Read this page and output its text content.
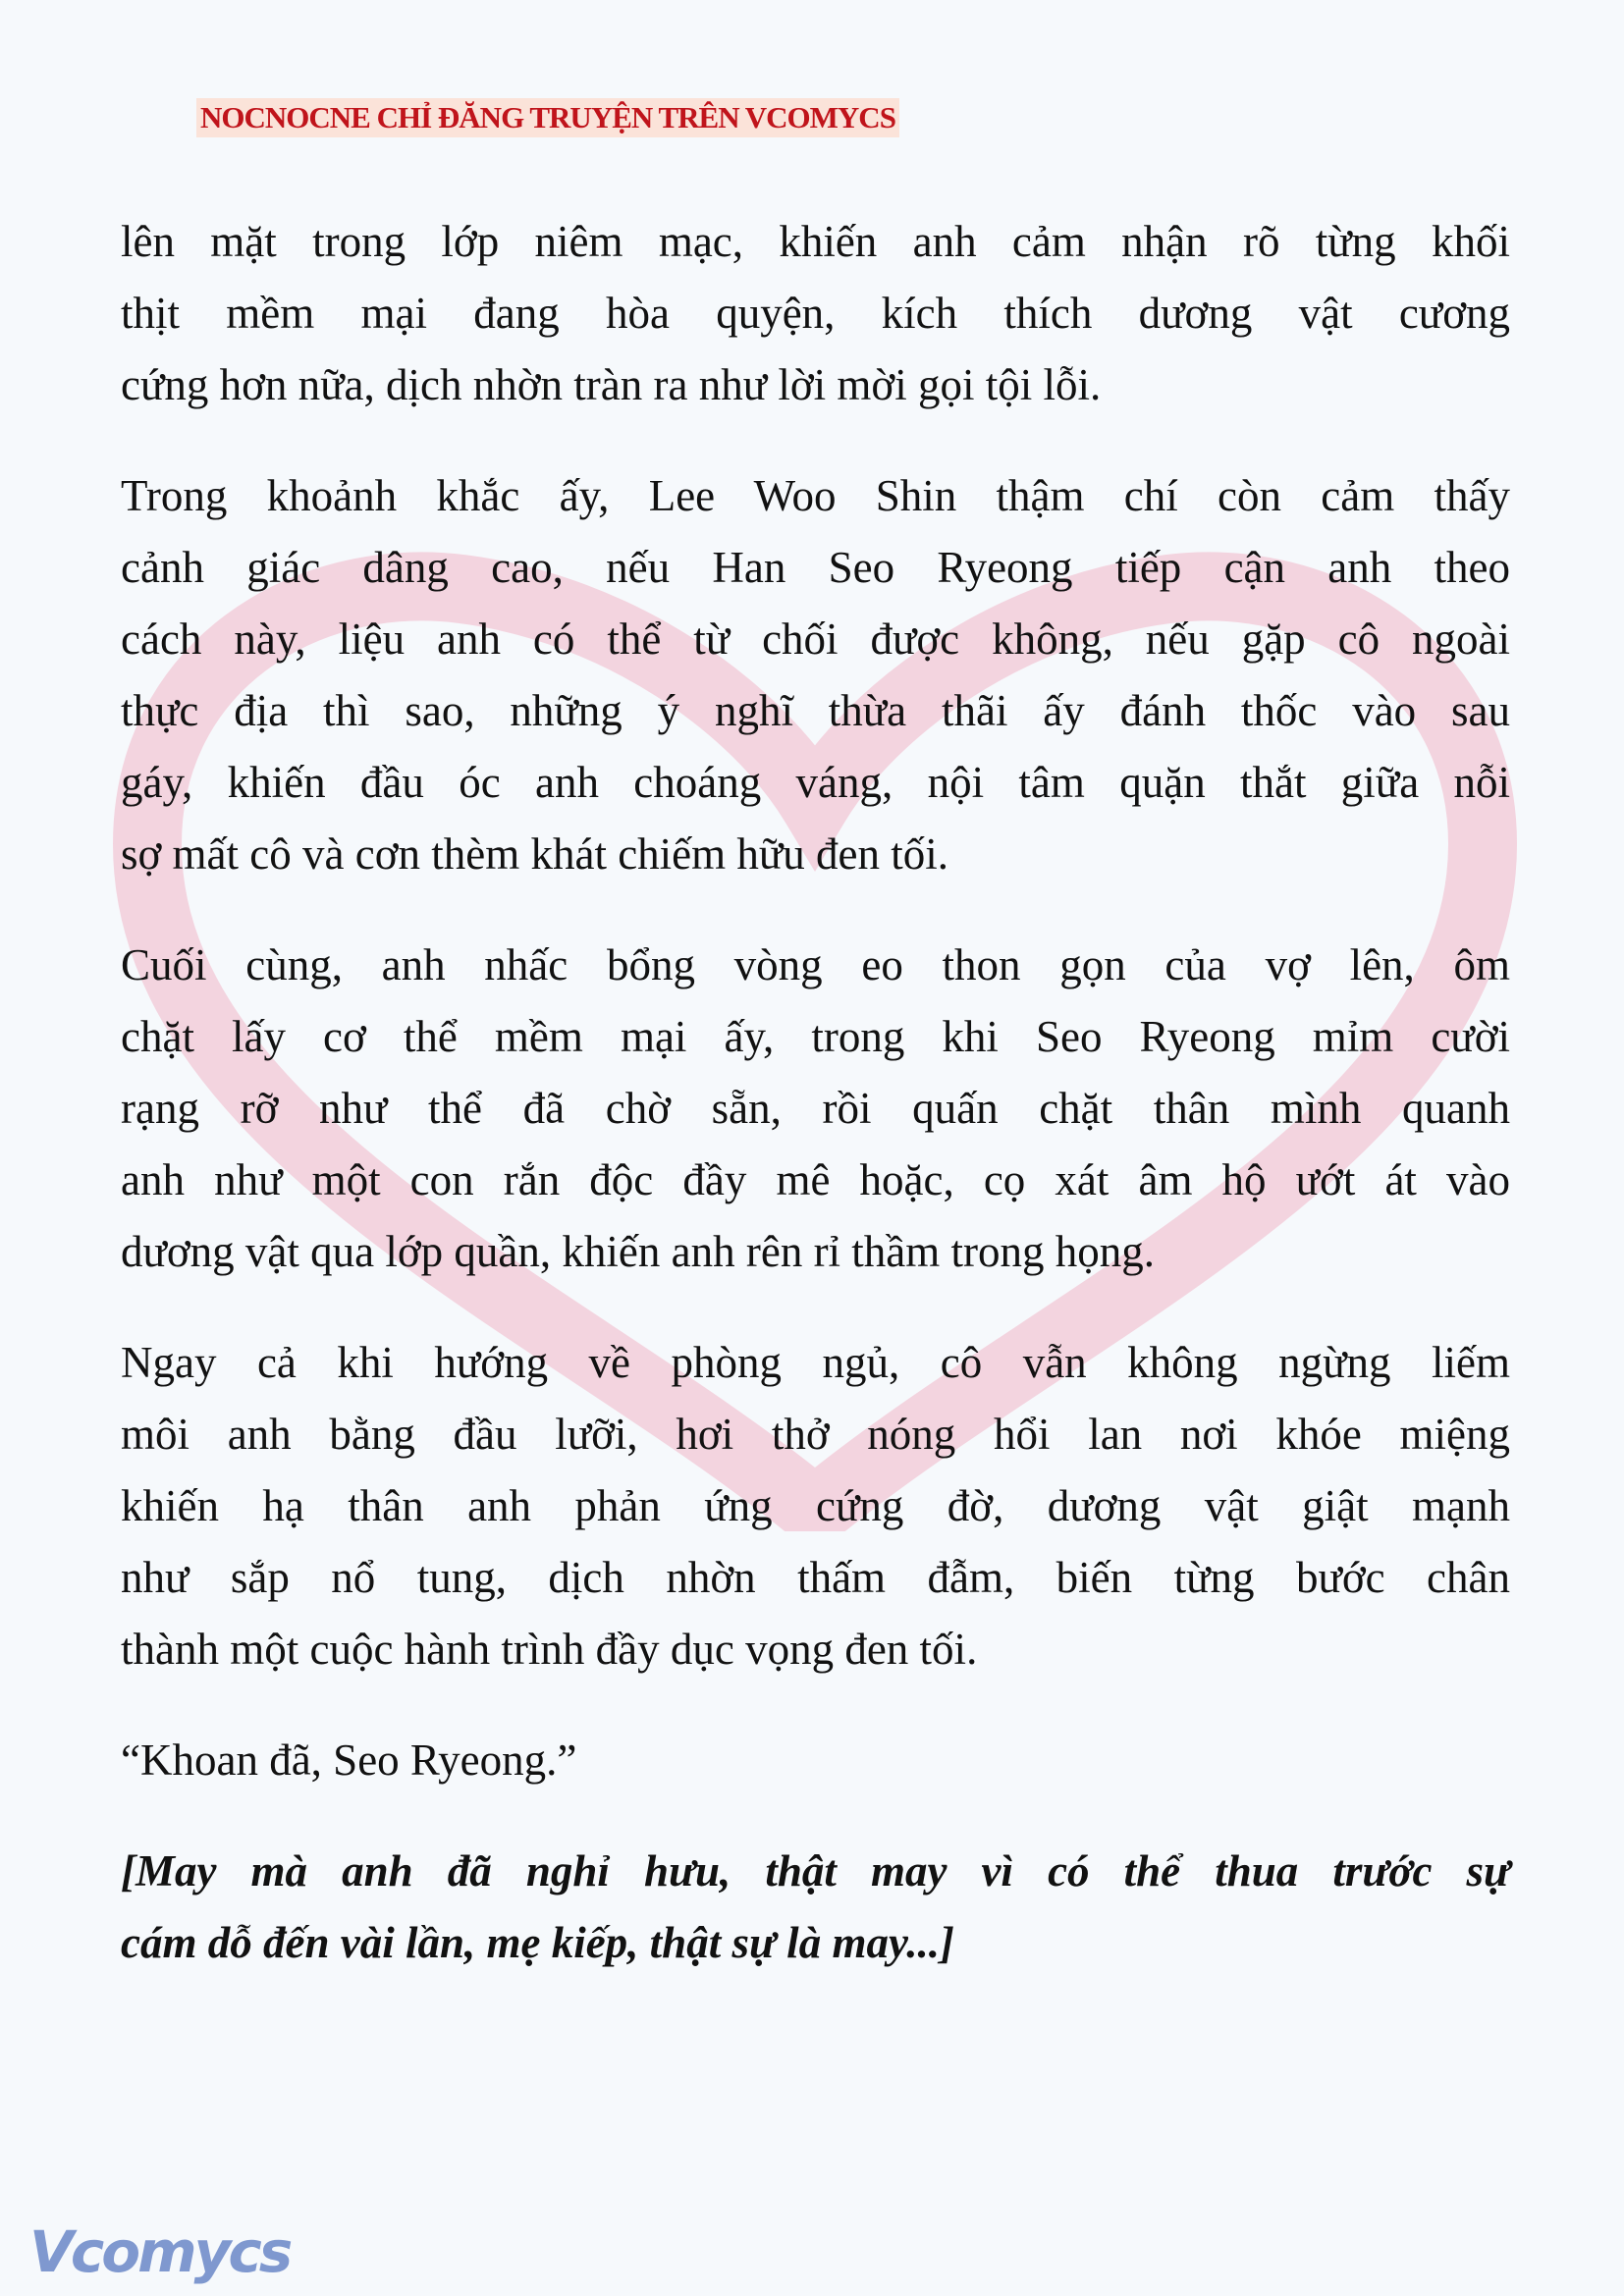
NOCNOCNE CHỈ ĐĂNG TRUYỆN TRÊN VCOMYCS
lên mặt trong lớp niêm mạc, khiến anh cảm nhận rõ từng khối
thịt mềm mại đang hòa quyện, kích thích dương vật cương
cứng hơn nữa, dịch nhờn tràn ra như lời mời gọi tội lỗi.
Trong khoảnh khắc ấy, Lee Woo Shin thậm chí còn cảm thấy
cảnh giác dâng cao, nếu Han Seo Ryeong tiếp cận anh theo
cách này, liệu anh có thể từ chối được không, nếu gặp cô ngoài
thực địa thì sao, những ý nghĩ thừa thãi ấy đánh thốc vào sau
gáy, khiến đầu óc anh choáng váng, nội tâm quặn thắt giữa nỗi
sợ mất cô và cơn thèm khát chiếm hữu đen tối.
Cuối cùng, anh nhấc bổng vòng eo thon gọn của vợ lên, ôm
chặt lấy cơ thể mềm mại ấy, trong khi Seo Ryeong mỉm cười
rạng rỡ như thể đã chờ sẵn, rồi quấn chặt thân mình quanh
anh như một con rắn độc đầy mê hoặc, cọ xát âm hộ ướt át vào
dương vật qua lớp quần, khiến anh rên rỉ thầm trong họng.
Ngay cả khi hướng về phòng ngủ, cô vẫn không ngừng liếm
môi anh bằng đầu lưỡi, hơi thở nóng hổi lan nơi khóe miệng
khiến hạ thân anh phản ứng cứng đờ, dương vật giật mạnh
như sắp nổ tung, dịch nhờn thấm đẫm, biến từng bước chân
thành một cuộc hành trình đầy dục vọng đen tối.
“Khoan đã, Seo Ryeong.”
[May mà anh đã nghỉ hưu, thật may vì có thể thua trước sự
cám dỗ đến vài lần, mẹ kiếp, thật sự là may...]
Vcomycs
